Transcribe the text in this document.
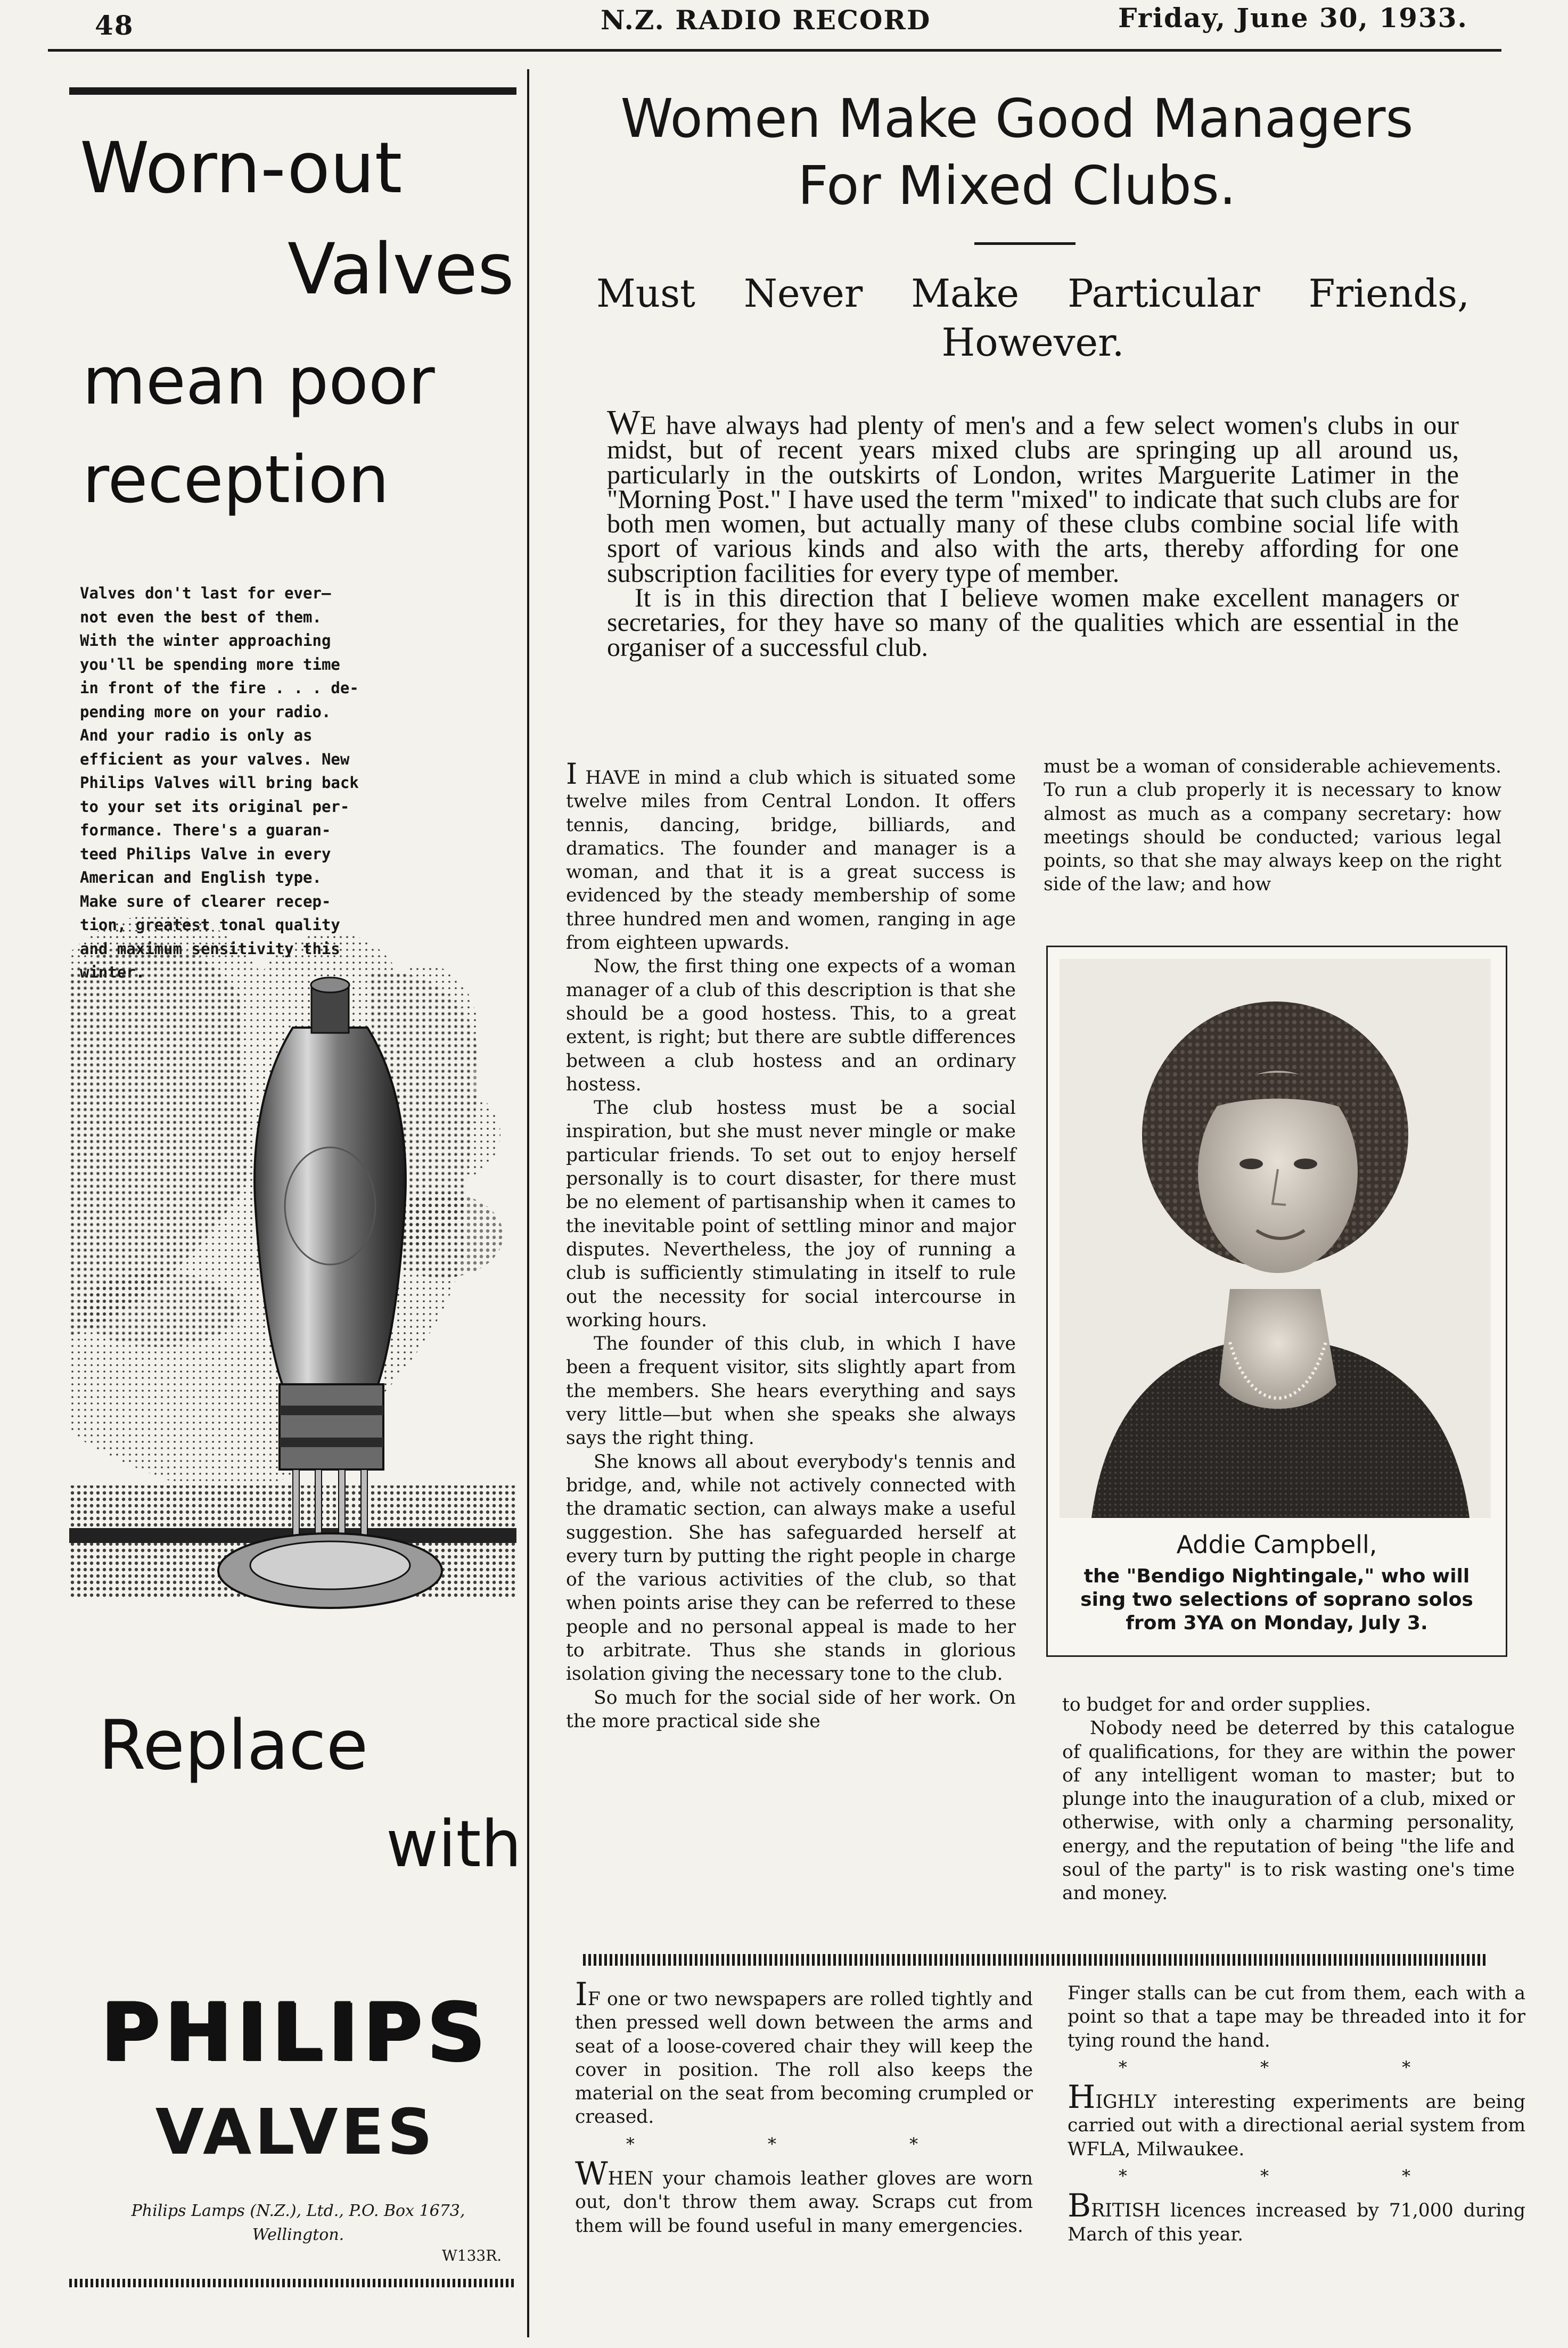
48	N.Z. RADIO RECORD	Friday, June 30, 1933.
Worn-out
Valves
mean poor
reception
Valves don't last for ever—
not even the best of them.
With the winter approaching
you'll be spending more time
in front of the fire . . . de-
pending more on your radio.
And your radio is only as
efficient as your valves. New
Philips Valves will bring back
to your set its original per-
formance. There's a guaran-
teed Philips Valve in every
American and English type.
Make sure of clearer recep-
tion, greatest tonal quality
Replace
with
PHILIPS
VALVES
Philips Lamps (N.Z.), Ltd., P.O. Box 1673,
Wellington.
W133R.
Women Make Good Managers
For Mixed Clubs.
Must Never Make Particular Friends,
However.

WE have always had plenty of men's and a few select women's clubs in our midst, but of recent years mixed clubs are springing up all around us, particularly in the outskirts of London, writes Marguerite Latimer in the "Morning Post." I have used the term "mixed" to indicate that such clubs are for both men women, but actually many of these clubs combine social life with sport of various kinds and also with the arts, thereby affording for one subscription facilities for every type of member.

It is in this direction that I believe women make excellent managers or secretaries, for they have so many of the qualities which are essential in the organiser of a successful club.

I HAVE in mind a club which is situated some twelve miles from Central London. It offers tennis, dancing, bridge, billiards, and dramatics. The founder and manager is a woman, and that it is a great success is evidenced by the steady membership of some three hundred men and women, ranging in age from eighteen upwards.

Now, the first thing one expects of a woman manager of a club of this description is that she should be a good hostess. This, to a great extent, is right; but there are subtle differences between a club hostess and an ordinary hostess.

The club hostess must be a social inspiration, but she must never mingle or make particular friends. To set out to enjoy herself personally is to court disaster, for there must be no element of partisanship when it cames to the inevitable point of settling minor and major disputes. Nevertheless, the joy of running a club is sufficiently stimulating in itself to rule out the necessity for social intercourse in working hours.

The founder of this club, in which I have been a frequent visitor, sits slightly apart from the members. She hears everything and says very little—but when she speaks she always says the right thing.

She knows all about everybody's tennis and bridge, and, while not actively connected with the dramatic section, can always make a useful suggestion. She has safeguarded herself at every turn by putting the right people in charge of the various activities of the club, so that when points arise they can be referred to these people and no personal appeal is made to her to arbitrate. Thus she stands in glorious isolation giving the necessary tone to the club.

So much for the social side of her work. On the more practical side she

must be a woman of considerable achievements. To run a club properly it is necessary to know almost as much as a company secretary: how meetings should be conducted; various legal points, so that she may always keep on the right side of the law; and how

Addie Campbell,
the "Bendigo Nightingale," who will sing two selections of soprano solos from 3YA on Monday, July 3.

to budget for and order supplies.

Nobody need be deterred by this catalogue of qualifications, for they are within the power of any intelligent woman to master; but to plunge into the inauguration of a club, mixed or otherwise, with only a charming personality, energy, and the reputation of being "the life and soul of the party" is to risk wasting one's time and money.

IF one or two newspapers are rolled tightly and then pressed well down between the arms and seat of a loose-covered chair they will keep the cover in position. The roll also keeps the material on the seat from becoming crumpled or creased.

* * *

WHEN your chamois leather gloves are worn out, don't throw them away. Scraps cut from them will be found useful in many emergencies.

Finger stalls can be cut from them, each with a point so that a tape may be threaded into it for tying round the hand.

* * *

HIGHLY interesting experiments are being carried out with a directional aerial system from WFLA, Milwaukee.

* * *

BRITISH licences increased by 71,000 during March of this year.
